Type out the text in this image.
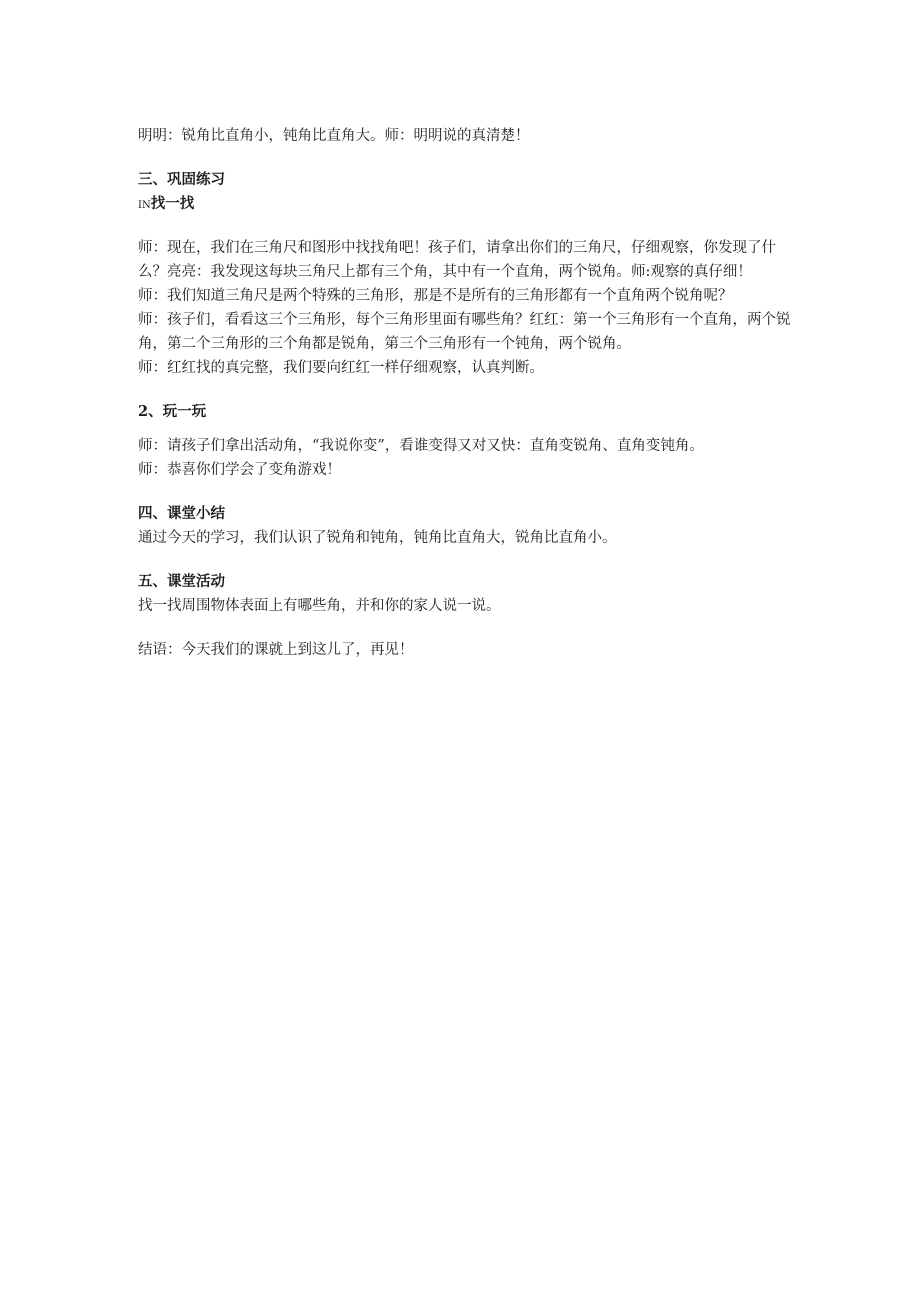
明明：锐角比直角小，钝角比直角大。师：明明说的真清楚！

三、巩固练习

IN找一找

师：现在，我们在三角尺和图形中找找角吧！孩子们，请拿出你们的三角尺，仔细观察，你发现了什么？亮亮：我发现这每块三角尺上都有三个角，其中有一个直角，两个锐角。师:观察的真仔细！

师：我们知道三角尺是两个特殊的三角形，那是不是所有的三角形都有一个直角两个锐角呢？

师：孩子们，看看这三个三角形，每个三角形里面有哪些角？红红：第一个三角形有一个直角，两个锐角，第二个三角形的三个角都是锐角，第三个三角形有一个钝角，两个锐角。

师：红红找的真完整，我们要向红红一样仔细观察，认真判断。

2、玩一玩

师：请孩子们拿出活动角，“我说你变”，看谁变得又对又快：直角变锐角、直角变钝角。

师：恭喜你们学会了变角游戏！

四、课堂小结

通过今天的学习，我们认识了锐角和钝角，钝角比直角大，锐角比直角小。

五、课堂活动

找一找周围物体表面上有哪些角，并和你的家人说一说。

结语：今天我们的课就上到这儿了，再见！
